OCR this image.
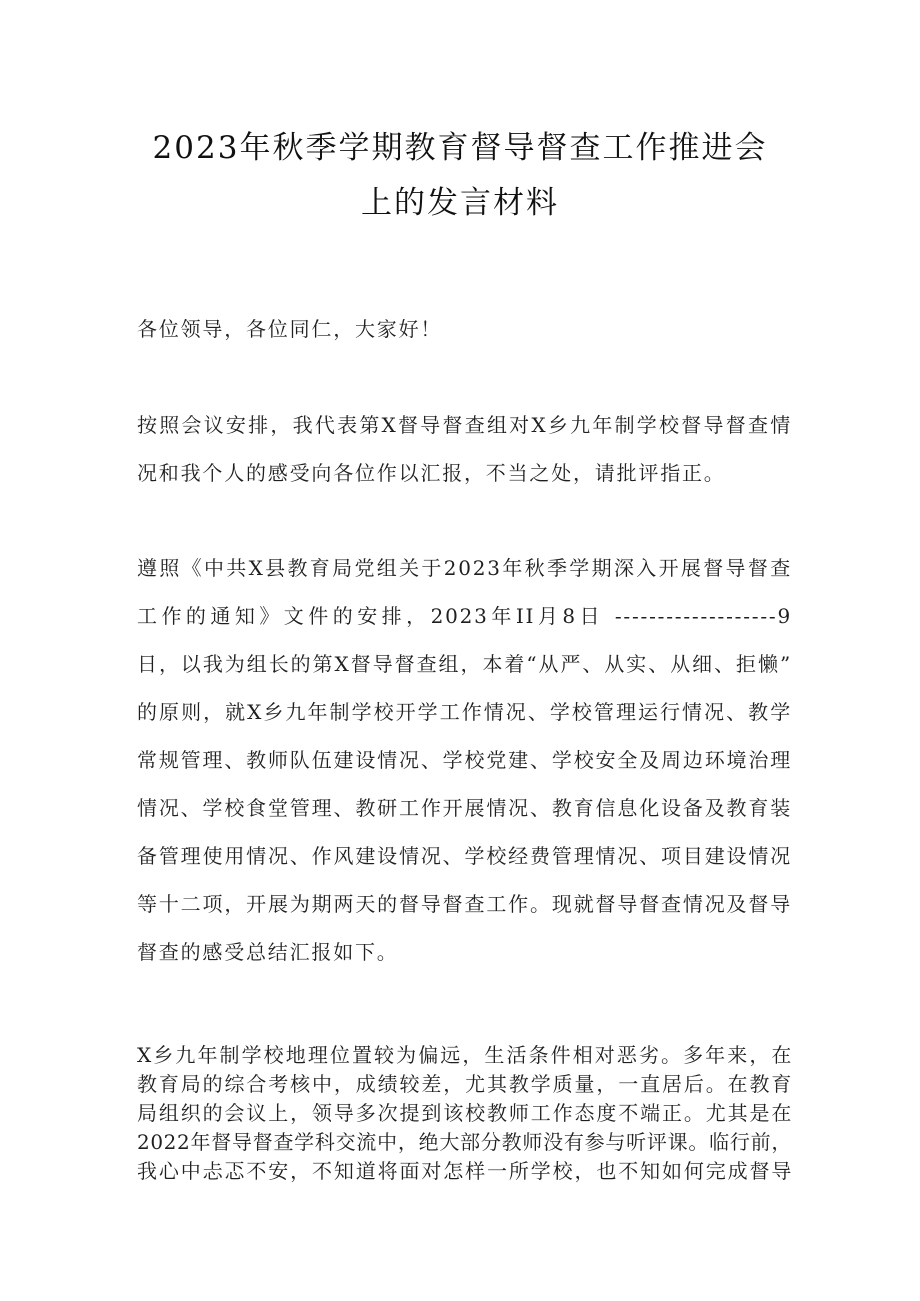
2023年秋季学期教育督导督查工作推进会
上的发言材料
各位领导，各位同仁，大家好！
按照会议安排，我代表第X督导督查组对X乡九年制学校督导督查情
况和我个人的感受向各位作以汇报，不当之处，请批评指正。
遵照《中共X县教育局党组关于2023年秋季学期深入开展督导督查
工作的通知》文件的安排，2023年II月8日 -------------------9
日，以我为组长的第X督导督查组，本着“从严、从实、从细、拒懒”
的原则，就X乡九年制学校开学工作情况、学校管理运行情况、教学
常规管理、教师队伍建设情况、学校党建、学校安全及周边环境治理
情况、学校食堂管理、教研工作开展情况、教育信息化设备及教育装
备管理使用情况、作风建设情况、学校经费管理情况、项目建设情况
等十二项，开展为期两天的督导督查工作。现就督导督查情况及督导
督查的感受总结汇报如下。
X乡九年制学校地理位置较为偏远，生活条件相对恶劣。多年来，在
教育局的综合考核中，成绩较差，尤其教学质量，一直居后。在教育
局组织的会议上，领导多次提到该校教师工作态度不端正。尤其是在
2022年督导督查学科交流中，绝大部分教师没有参与听评课。临行前，
我心中忐忑不安，不知道将面对怎样一所学校，也不知如何完成督导
